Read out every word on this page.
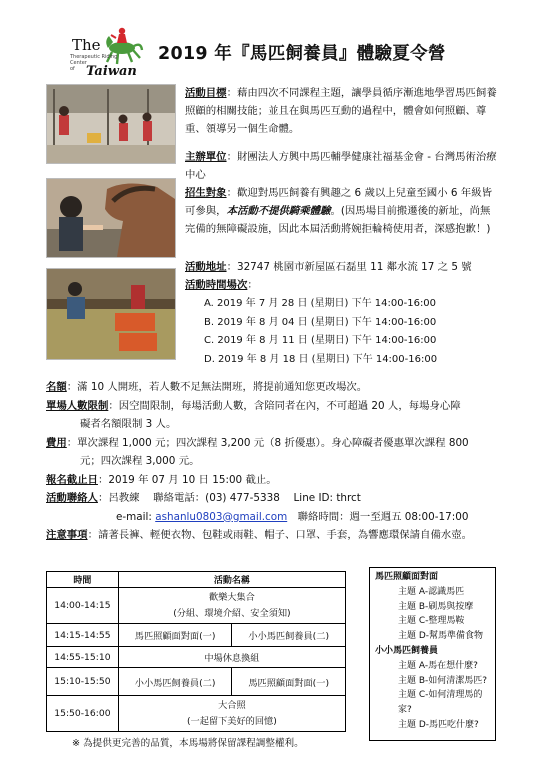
The
Therapeutic Riding Center
of Taiwan
2019 年『馬匹飼養員』體驗夏令營
活動目標：藉由四次不同課程主題，讓學員循序漸進地學習馬匹飼養照顧的相關技能；並且在與馬匹互動的過程中，體會如何照顧、尊重、領導另一個生命體。
主辦單位：財團法人方興中馬匹輔學健康社福基金會 - 台灣馬術治療中心
招生對象：歡迎對馬匹飼養有興趣之 6 歲以上兒童至國小 6 年級皆可參與，本活動不提供騎乘體驗。(因馬場目前搬遷後的新址，尚無完備的無障礙設施，因此本屆活動將婉拒輪椅使用者，深感抱歉！)
活動地址：32747 桃園市新屋區石磊里 11 鄰水流 17 之 5 號
活動時間場次：
A. 2019 年 7 月 28 日 (星期日) 下午 14:00-16:00
B. 2019 年 8 月 04 日 (星期日) 下午 14:00-16:00
C. 2019 年 8 月 11 日 (星期日) 下午 14:00-16:00
D. 2019 年 8 月 18 日 (星期日) 下午 14:00-16:00
名額：滿 10 人開班，若人數不足無法開班，將提前通知您更改場次。
單場人數限制：因空間限制，每場活動人數，含陪同者在內，不可超過 20 人，每場身心障
礙者名額限制 3 人。
費用：單次課程 1,000 元；四次課程 3,200 元（8 折優惠）。身心障礙者優惠單次課程 800
元；四次課程 3,000 元。
報名截止日：2019 年 07 月 10 日 15:00 截止。
活動聯絡人：呂教練　 聯絡電話：(03) 477-5338　 Line ID: thrct
e-mail: ashanlu0803@gmail.com　聯絡時間：週一至週五 08:00-17:00
注意事項：請著長褲、輕便衣物、包鞋或雨鞋、帽子、口罩、手套，為響應環保請自備水壺。
時間	活動名稱	
14:00-14:15	歡樂大集合
(分組、環境介紹、安全須知)	
14:15-14:55	馬匹照顧面對面(一)	小小馬匹飼養員(二)
14:55-15:10	中場休息換組	
15:10-15:50	小小馬匹飼養員(二)	馬匹照顧面對面(一)
15:50-16:00	大合照
(一起留下美好的回憶)	
馬匹照顧面對面
主題 A-認識馬匹
主題 B-刷馬與按摩
主題 C-整理馬鞍
主題 D-幫馬準備食物
小小馬匹飼養員
主題 A-馬在想什麼?
主題 B-如何清潔馬匹?
主題 C-如何清理馬的家?
主題 D-馬匹吃什麼?
※ 為提供更完善的品質，本馬場將保留課程調整權利。
